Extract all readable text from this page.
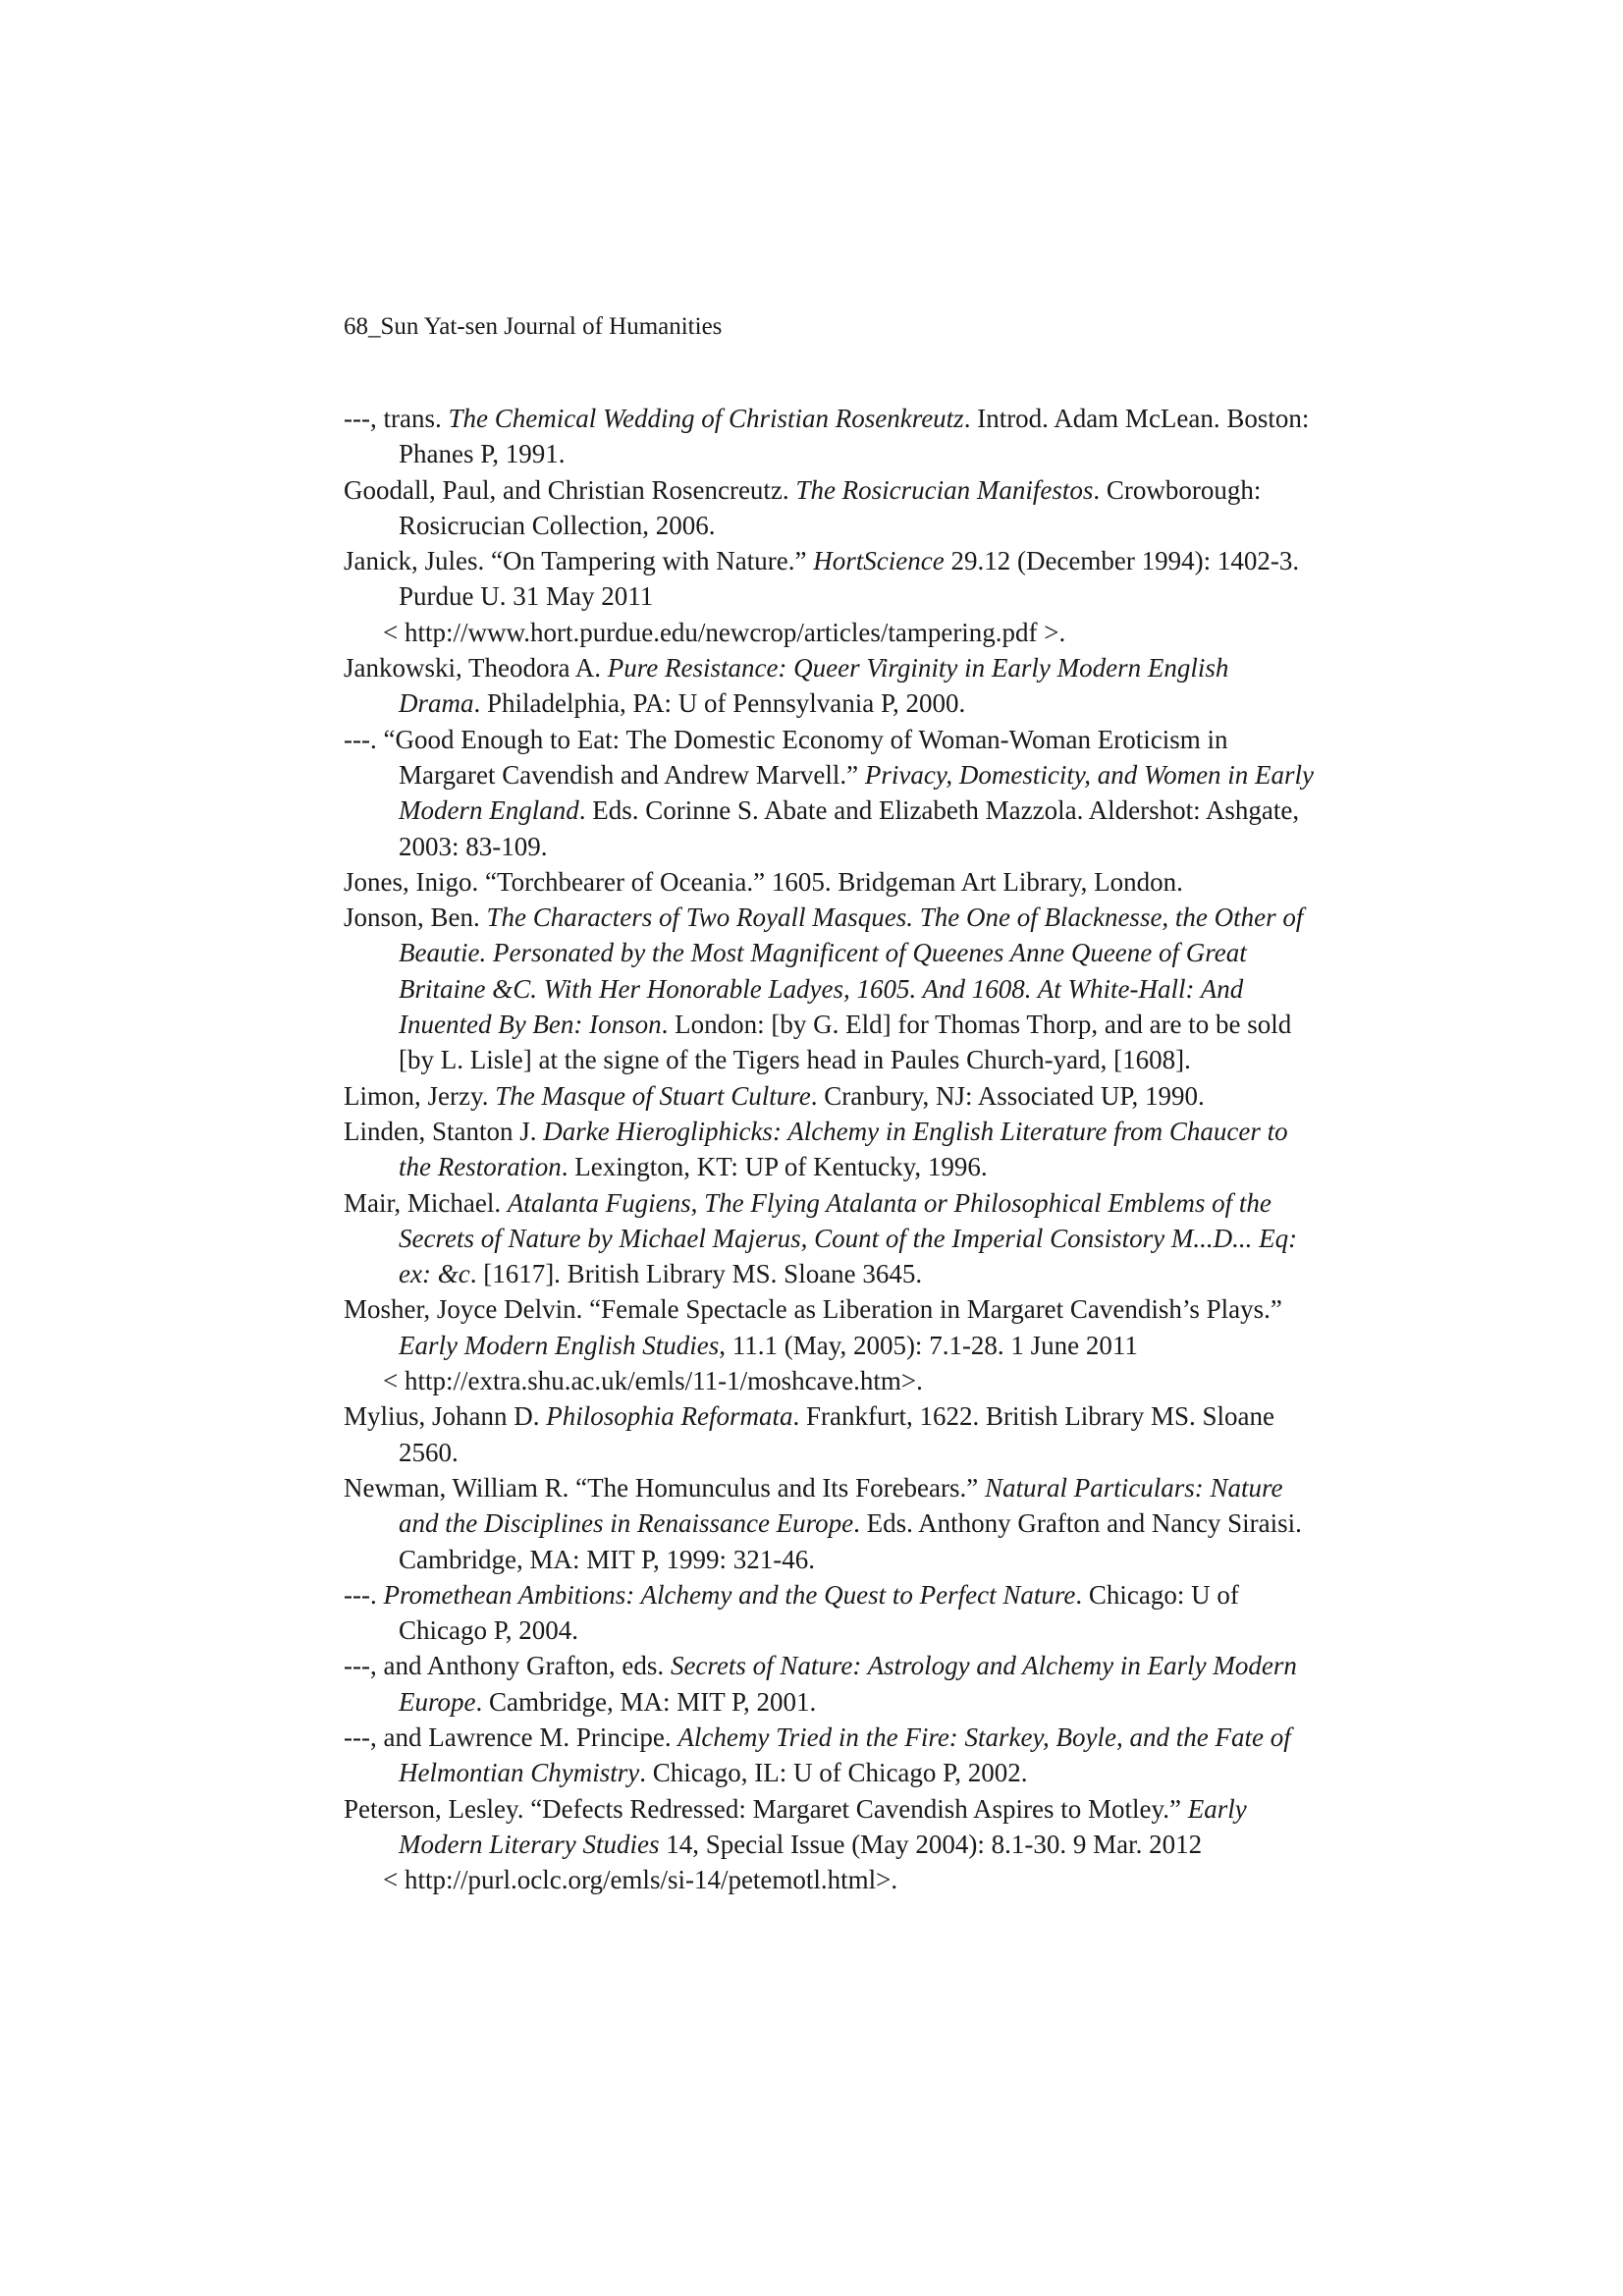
68_Sun Yat-sen Journal of Humanities

---, trans. The Chemical Wedding of Christian Rosenkreutz. Introd. Adam McLean. Boston: Phanes P, 1991.

Goodall, Paul, and Christian Rosencreutz. The Rosicrucian Manifestos. Crowborough: Rosicrucian Collection, 2006.

Janick, Jules. “On Tampering with Nature.” HortScience 29.12 (December 1994): 1402-3. Purdue U. 31 May 2011
< http://www.hort.purdue.edu/newcrop/articles/tampering.pdf >.

Jankowski, Theodora A. Pure Resistance: Queer Virginity in Early Modern English Drama. Philadelphia, PA: U of Pennsylvania P, 2000.

---. “Good Enough to Eat: The Domestic Economy of Woman-Woman Eroticism in Margaret Cavendish and Andrew Marvell.” Privacy, Domesticity, and Women in Early Modern England. Eds. Corinne S. Abate and Elizabeth Mazzola. Aldershot: Ashgate, 2003: 83-109.

Jones, Inigo. “Torchbearer of Oceania.” 1605. Bridgeman Art Library, London.

Jonson, Ben. The Characters of Two Royall Masques. The One of Blacknesse, the Other of Beautie. Personated by the Most Magnificent of Queenes Anne Queene of Great Britaine &C. With Her Honorable Ladyes, 1605. And 1608. At White-Hall: And Inuented By Ben: Ionson. London: [by G. Eld] for Thomas Thorp, and are to be sold [by L. Lisle] at the signe of the Tigers head in Paules Church-yard, [1608].

Limon, Jerzy. The Masque of Stuart Culture. Cranbury, NJ: Associated UP, 1990.

Linden, Stanton J. Darke Hierogliphicks: Alchemy in English Literature from Chaucer to the Restoration. Lexington, KT: UP of Kentucky, 1996.

Mair, Michael. Atalanta Fugiens, The Flying Atalanta or Philosophical Emblems of the Secrets of Nature by Michael Majerus, Count of the Imperial Consistory M...D... Eq: ex: &c. [1617]. British Library MS. Sloane 3645.

Mosher, Joyce Delvin. “Female Spectacle as Liberation in Margaret Cavendish’s Plays.” Early Modern English Studies, 11.1 (May, 2005): 7.1-28. 1 June 2011
< http://extra.shu.ac.uk/emls/11-1/moshcave.htm>.

Mylius, Johann D. Philosophia Reformata. Frankfurt, 1622. British Library MS. Sloane 2560.

Newman, William R. “The Homunculus and Its Forebears.” Natural Particulars: Nature and the Disciplines in Renaissance Europe. Eds. Anthony Grafton and Nancy Siraisi. Cambridge, MA: MIT P, 1999: 321-46.

---. Promethean Ambitions: Alchemy and the Quest to Perfect Nature. Chicago: U of Chicago P, 2004.

---, and Anthony Grafton, eds. Secrets of Nature: Astrology and Alchemy in Early Modern Europe. Cambridge, MA: MIT P, 2001.

---, and Lawrence M. Principe. Alchemy Tried in the Fire: Starkey, Boyle, and the Fate of Helmontian Chymistry. Chicago, IL: U of Chicago P, 2002.

Peterson, Lesley. “Defects Redressed: Margaret Cavendish Aspires to Motley.” Early Modern Literary Studies 14, Special Issue (May 2004): 8.1-30. 9 Mar. 2012
< http://purl.oclc.org/emls/si-14/petemotl.html>.
